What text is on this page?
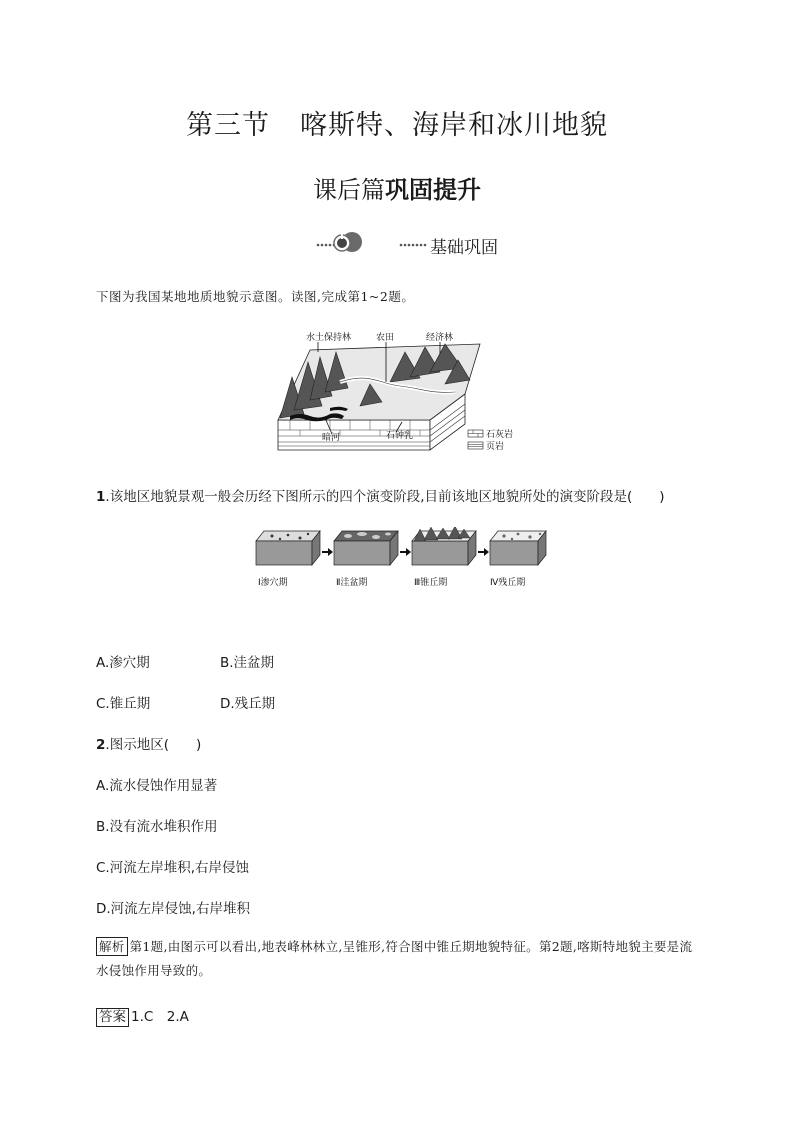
第三节 喀斯特、海岸和冰川地貌
课后篇巩固提升
基础巩固
下图为我国某地地质地貌示意图。读图,完成第1~2题。
水土保持林	农田	经济林
暗河	石钟乳	石灰岩
页岩
1.该地区地貌景观一般会历经下图所示的四个演变阶段,目前该地区地貌所处的演变阶段是(　　)
Ⅰ渗穴期	Ⅱ洼盆期	Ⅲ锥丘期	Ⅳ残丘期
A.渗穴期	B.洼盆期
C.锥丘期	D.残丘期
2.图示地区(　　)
A.流水侵蚀作用显著
B.没有流水堆积作用
C.河流左岸堆积,右岸侵蚀
D.河流左岸侵蚀,右岸堆积
解析 第1题,由图示可以看出,地表峰林林立,呈锥形,符合图中锥丘期地貌特征。第2题,喀斯特地貌主要是流水侵蚀作用导致的。
答案 1.C　2.A
